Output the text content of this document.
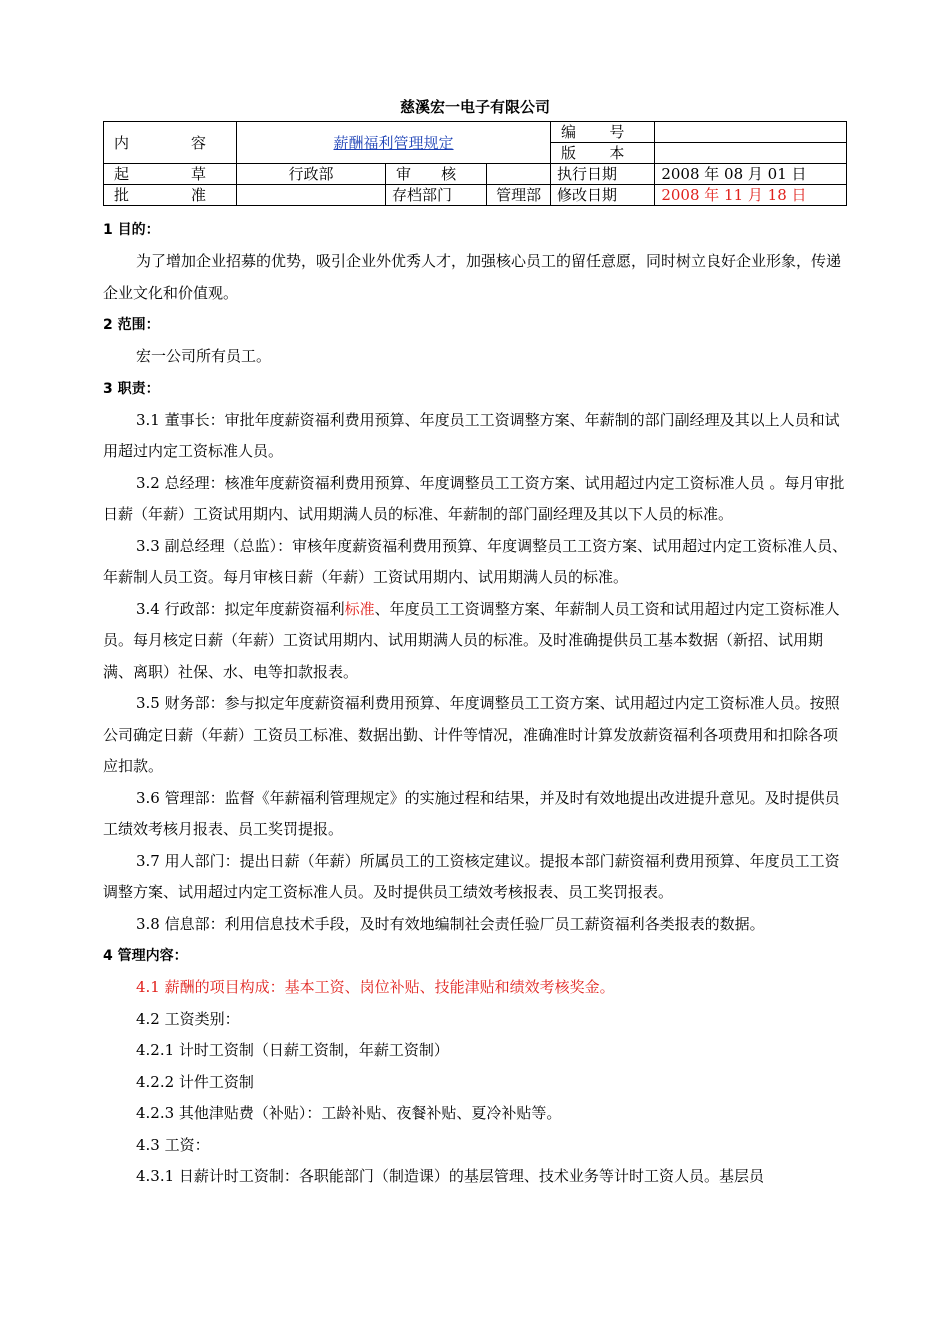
慈溪宏一电子有限公司
内　　容	薪酬福利管理规定			编　　号	
				版　　本	
起　　草	行政部	审　　核		执行日期	2008 年 08 月 01 日
批　　准		存档部门	管理部	修改日期	2008 年 11 月 18 日
1 目的：

为了增加企业招募的优势，吸引企业外优秀人才，加强核心员工的留任意愿，同时树立良好企业形象，传递企业文化和价值观。

2 范围：

宏一公司所有员工。

3 职责：

3.1 董事长：审批年度薪资福利费用预算、年度员工工资调整方案、年薪制的部门副经理及其以上人员和试用超过内定工资标准人员。

3.2 总经理：核准年度薪资福利费用预算、年度调整员工工资方案、试用超过内定工资标准人员 。每月审批日薪（年薪）工资试用期内、试用期满人员的标准、年薪制的部门副经理及其以下人员的标准。

3.3 副总经理（总监）：审核年度薪资福利费用预算、年度调整员工工资方案、试用超过内定工资标准人员、年薪制人员工资。每月审核日薪（年薪）工资试用期内、试用期满人员的标准。

3.4 行政部：拟定年度薪资福利标准、年度员工工资调整方案、年薪制人员工资和试用超过内定工资标准人员。每月核定日薪（年薪）工资试用期内、试用期满人员的标准。及时准确提供员工基本数据（新招、试用期满、离职）社保、水、电等扣款报表。

3.5 财务部：参与拟定年度薪资福利费用预算、年度调整员工工资方案、试用超过内定工资标准人员。按照公司确定日薪（年薪）工资员工标准、数据出勤、计件等情况，准确准时计算发放薪资福利各项费用和扣除各项应扣款。

3.6 管理部：监督《年薪福利管理规定》的实施过程和结果，并及时有效地提出改进提升意见。及时提供员工绩效考核月报表、员工奖罚提报。

3.7 用人部门：提出日薪（年薪）所属员工的工资核定建议。提报本部门薪资福利费用预算、年度员工工资调整方案、试用超过内定工资标准人员。及时提供员工绩效考核报表、员工奖罚报表。

3.8 信息部：利用信息技术手段，及时有效地编制社会责任验厂员工薪资福利各类报表的数据。

4 管理内容：

4.1 薪酬的项目构成：基本工资、岗位补贴、技能津贴和绩效考核奖金。

4.2 工资类别：

4.2.1 计时工资制（日薪工资制，年薪工资制）

4.2.2 计件工资制

4.2.3 其他津贴费（补贴）：工龄补贴、夜餐补贴、夏冷补贴等。

4.3 工资：

4.3.1 日薪计时工资制：各职能部门（制造课）的基层管理、技术业务等计时工资人员。基层员
